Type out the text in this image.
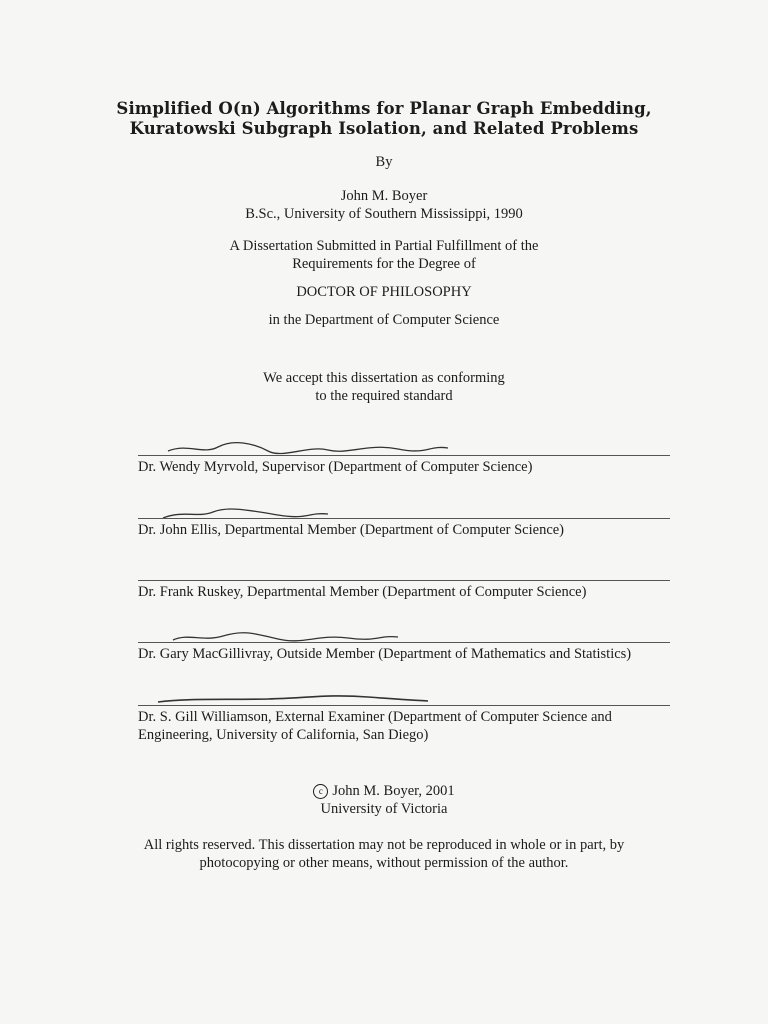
Simplified O(n) Algorithms for Planar Graph Embedding,
Kuratowski Subgraph Isolation, and Related Problems
By
John M. Boyer
B.Sc., University of Southern Mississippi, 1990
A Dissertation Submitted in Partial Fulfillment of the
Requirements for the Degree of
DOCTOR OF PHILOSOPHY
in the Department of Computer Science
We accept this dissertation as conforming
to the required standard
Dr. Wendy Myrvold, Supervisor (Department of Computer Science)
Dr. John Ellis, Departmental Member (Department of Computer Science)
Dr. Frank Ruskey, Departmental Member (Department of Computer Science)
Dr. Gary MacGillivray, Outside Member (Department of Mathematics and Statistics)
Dr. S. Gill Williamson, External Examiner (Department of Computer Science and Engineering, University of California, San Diego)
c John M. Boyer, 2001
University of Victoria
All rights reserved. This dissertation may not be reproduced in whole or in part, by
photocopying or other means, without permission of the author.
